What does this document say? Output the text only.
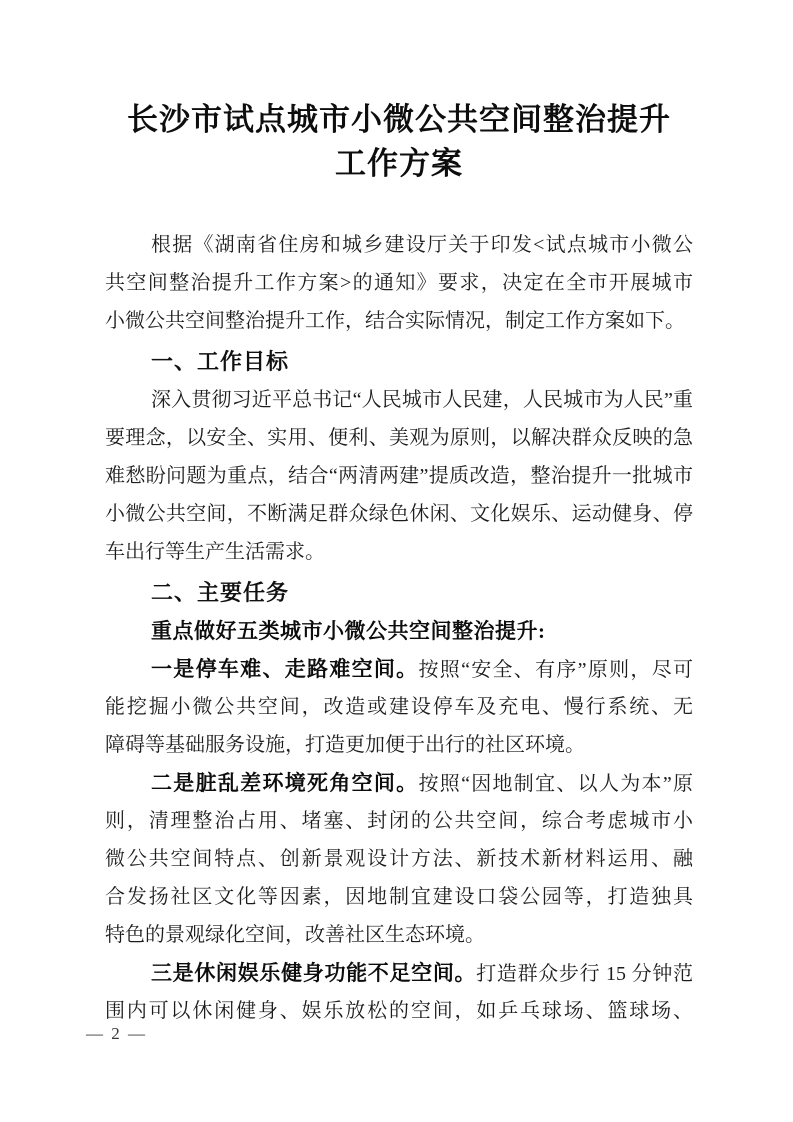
长沙市试点城市小微公共空间整治提升
工作方案
根据《湖南省住房和城乡建设厅关于印发<试点城市小微公
共空间整治提升工作方案>的通知》要求，决定在全市开展城市
小微公共空间整治提升工作，结合实际情况，制定工作方案如下。
一、工作目标
深入贯彻习近平总书记“人民城市人民建，人民城市为人民”重
要理念，以安全、实用、便利、美观为原则，以解决群众反映的急
难愁盼问题为重点，结合“两清两建”提质改造，整治提升一批城市
小微公共空间，不断满足群众绿色休闲、文化娱乐、运动健身、停
车出行等生产生活需求。
二、主要任务
重点做好五类城市小微公共空间整治提升:
一是停车难、走路难空间。按照“安全、有序”原则，尽可
能挖掘小微公共空间，改造或建设停车及充电、慢行系统、无
障碍等基础服务设施，打造更加便于出行的社区环境。
二是脏乱差环境死角空间。按照“因地制宜、以人为本”原
则，清理整治占用、堵塞、封闭的公共空间，综合考虑城市小
微公共空间特点、创新景观设计方法、新技术新材料运用、融
合发扬社区文化等因素，因地制宜建设口袋公园等，打造独具
特色的景观绿化空间，改善社区生态环境。
三是休闲娱乐健身功能不足空间。打造群众步行 15 分钟范
围内可以休闲健身、娱乐放松的空间，如乒乓球场、篮球场、
— 2 —
